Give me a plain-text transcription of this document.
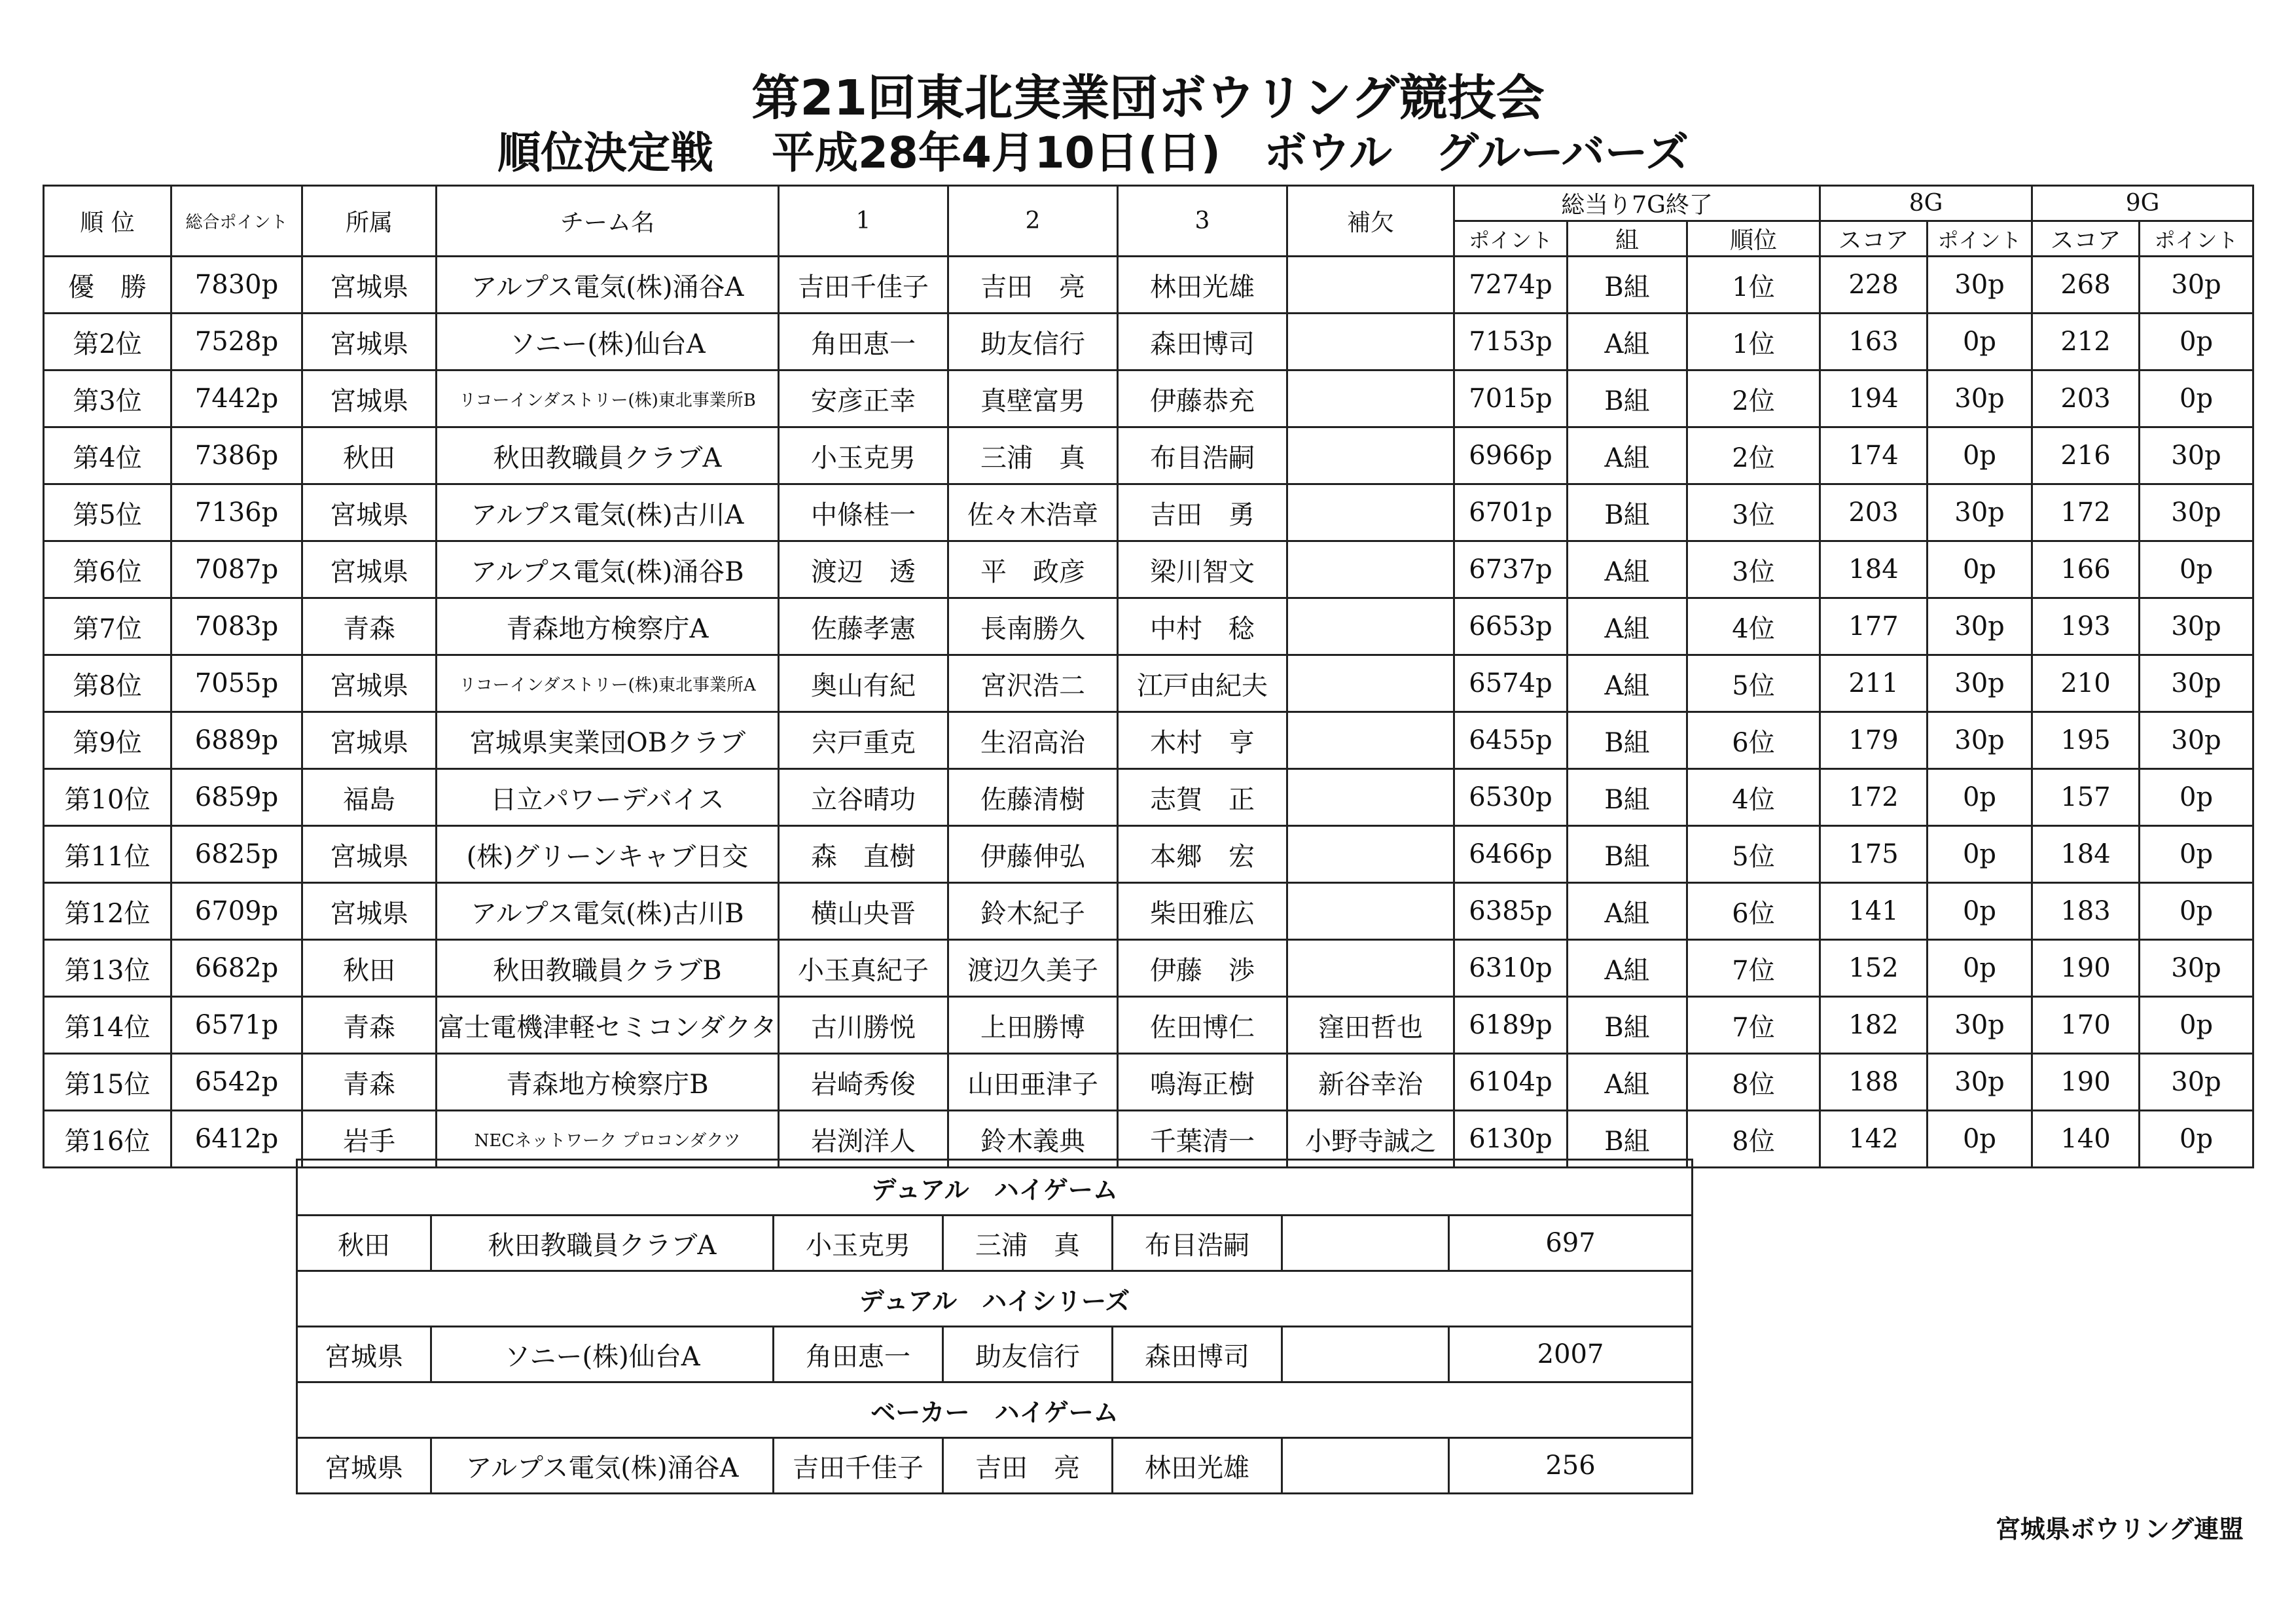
第21回東北実業団ボウリング競技会
順位決定戦　 平成28年4月10日(日)　ボウル　グルーバーズ
順 位	総合ポイント	所属	チーム名	1	2	3	補欠	総当り7G終了			8G		9G	
								ポイント	組	順位	スコア	ポイント	スコア	ポイント
優　勝	7830p	宮城県	アルプス電気(株)涌谷A	吉田千佳子	吉田　亮	林田光雄		7274p	B組	1位	228	30p	268	30p
第2位	7528p	宮城県	ソニー(株)仙台A	角田恵一	助友信行	森田博司		7153p	A組	1位	163	0p	212	0p
第3位	7442p	宮城県	リコーインダストリー(株)東北事業所B	安彦正幸	真壁富男	伊藤恭充		7015p	B組	2位	194	30p	203	0p
第4位	7386p	秋田	秋田教職員クラブA	小玉克男	三浦　真	布目浩嗣		6966p	A組	2位	174	0p	216	30p
第5位	7136p	宮城県	アルプス電気(株)古川A	中條桂一	佐々木浩章	吉田　勇		6701p	B組	3位	203	30p	172	30p
第6位	7087p	宮城県	アルプス電気(株)涌谷B	渡辺　透	平　政彦	梁川智文		6737p	A組	3位	184	0p	166	0p
第7位	7083p	青森	青森地方検察庁A	佐藤孝憲	長南勝久	中村　稔		6653p	A組	4位	177	30p	193	30p
第8位	7055p	宮城県	リコーインダストリー(株)東北事業所A	奥山有紀	宮沢浩二	江戸由紀夫		6574p	A組	5位	211	30p	210	30p
第9位	6889p	宮城県	宮城県実業団OBクラブ	宍戸重克	生沼高治	木村　亨		6455p	B組	6位	179	30p	195	30p
第10位	6859p	福島	日立パワーデバイス	立谷晴功	佐藤清樹	志賀　正		6530p	B組	4位	172	0p	157	0p
第11位	6825p	宮城県	(株)グリーンキャブ日交	森　直樹	伊藤伸弘	本郷　宏		6466p	B組	5位	175	0p	184	0p
第12位	6709p	宮城県	アルプス電気(株)古川B	横山央晋	鈴木紀子	柴田雅広		6385p	A組	6位	141	0p	183	0p
第13位	6682p	秋田	秋田教職員クラブB	小玉真紀子	渡辺久美子	伊藤　渉		6310p	A組	7位	152	0p	190	30p
第14位	6571p	青森	富士電機津軽セミコンダクタ	古川勝悦	上田勝博	佐田博仁	窪田哲也	6189p	B組	7位	182	30p	170	0p
第15位	6542p	青森	青森地方検察庁B	岩崎秀俊	山田亜津子	鳴海正樹	新谷幸治	6104p	A組	8位	188	30p	190	30p
第16位	6412p	岩手	NECネットワーク プロコンダクツ	岩渕洋人	鈴木義典	千葉清一	小野寺誠之	6130p	B組	8位	142	0p	140	0p
デュアル　ハイゲーム						
秋田	秋田教職員クラブA	小玉克男	三浦　真	布目浩嗣		697
デュアル　ハイシリーズ						
宮城県	ソニー(株)仙台A	角田恵一	助友信行	森田博司		2007
ベーカー　ハイゲーム						
宮城県	アルプス電気(株)涌谷A	吉田千佳子	吉田　亮	林田光雄		256
宮城県ボウリング連盟
